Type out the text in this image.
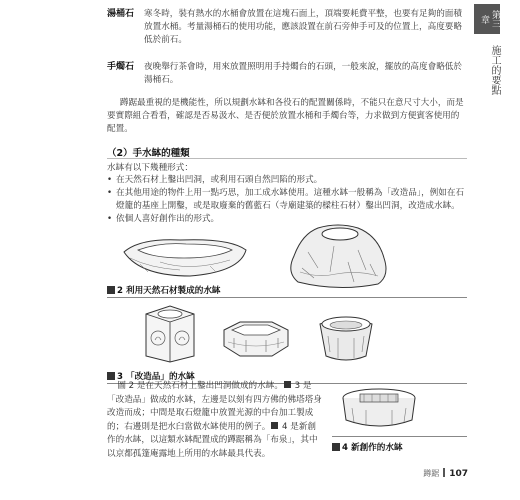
第三章
施工的要點
湯桶石	寒冬時，裝有熱水的水桶會放置在這塊石面上，頂端要耗費平整，也要有足夠的面積放置水桶。考量湯桶石的使用功能，應該設置在前石旁伸手可及的位置上，高度要略低於前石。
手燭石	夜晚舉行茶會時，用來放置照明用手持燭台的石頭，一般來說，擺放的高度會略低於湯桶石。
蹲踞最重視的是機能性，所以規劃水缽和各役石的配置關係時，不能只在意尺寸大小，而是要實際組合看看，確認是否易汲水、是否便於放置水桶和手燭台等，力求做到方便賓客使用的配置。
（2）手水缽的種類
水缽有以下幾種形式：
• 在天然石材上鑿出凹洞，或利用石頭自然凹陷的形式。
• 在其他用途的物件上用一點巧思，加工成水缽使用。這種水缽一般稱為「改造品」，例如在石燈籠的基座上開鑿，或是取廢棄的舊藍石（寺廟建築的樑柱石材）鑿出凹洞，改造成水缽。
• 依個人喜好創作出的形式。
2 利用天然石材製成的水缽
3 「改造品」的水缽
圖 2 是在天然石材上鑿出凹洞做成的水缽。 3 是「改造品」做成的水缽，左邊是以刻有四方佛的佛塔塔身改造而成；中間是取石燈籠中放置光源的中台加工製成的；右邊則是把水臼當做水缽使用的例子。 4 是新創作的水缽，以這類水缽配置成的蹲踞稱為「布泉」，其中以京都孤篷庵露地上所用的水缽最具代表。
4 新創作的水缽
蹲踞 107
